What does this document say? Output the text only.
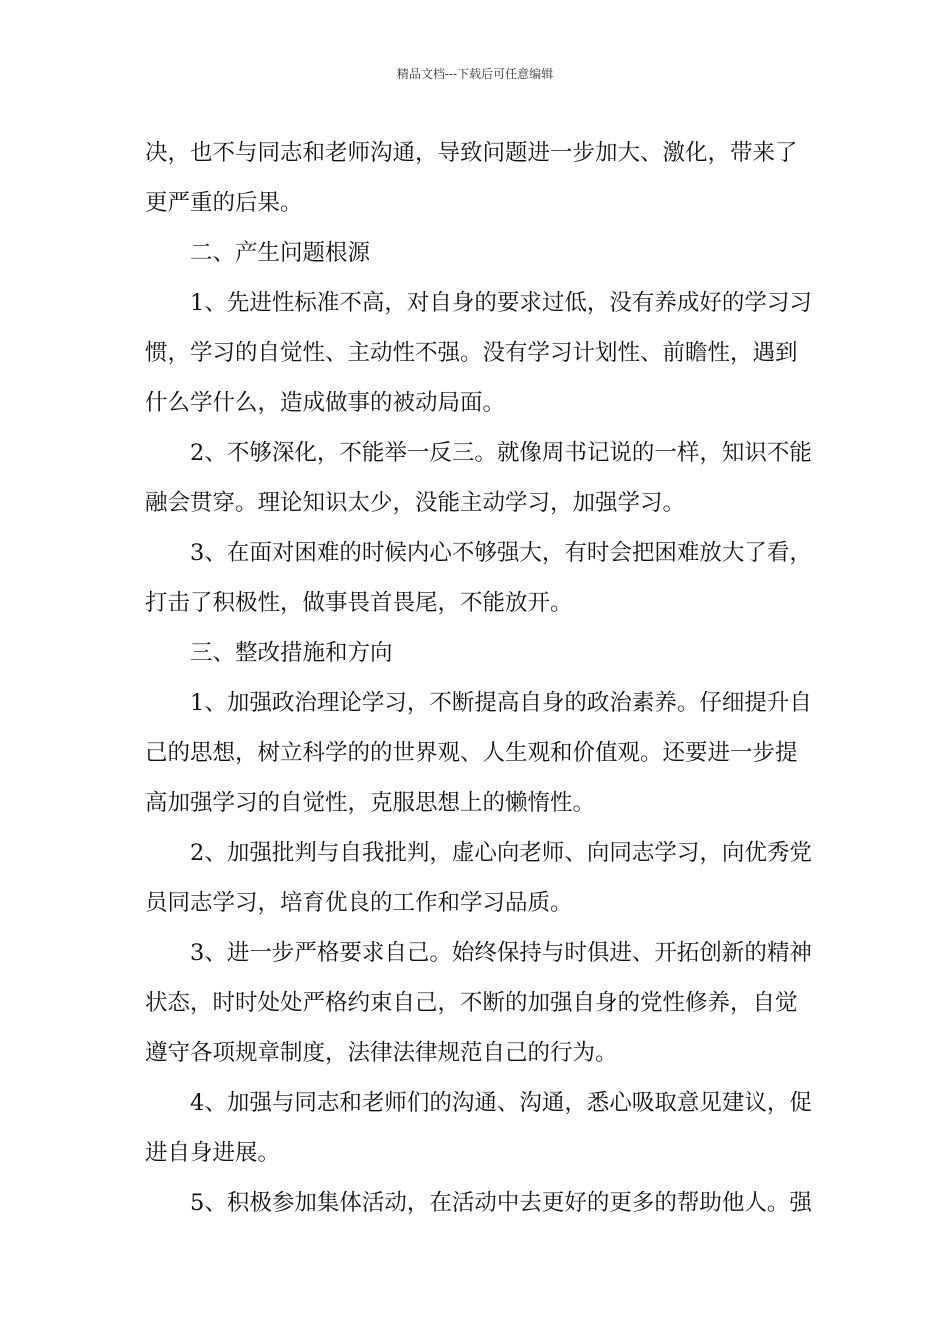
精品文档---下载后可任意编辑
决，也不与同志和老师沟通，导致问题进一步加大、激化，带来了
更严重的后果。
二、产生问题根源
1、先进性标准不高，对自身的要求过低，没有养成好的学习习
惯，学习的自觉性、主动性不强。没有学习计划性、前瞻性，遇到
什么学什么，造成做事的被动局面。
2、不够深化，不能举一反三。就像周书记说的一样，知识不能
融会贯穿。理论知识太少，没能主动学习，加强学习。
3、在面对困难的时候内心不够强大，有时会把困难放大了看，
打击了积极性，做事畏首畏尾，不能放开。
三、整改措施和方向
1、加强政治理论学习，不断提高自身的政治素养。仔细提升自
己的思想，树立科学的的世界观、人生观和价值观。还要进一步提
高加强学习的自觉性，克服思想上的懒惰性。
2、加强批判与自我批判，虚心向老师、向同志学习，向优秀党
员同志学习，培育优良的工作和学习品质。
3、进一步严格要求自己。始终保持与时俱进、开拓创新的精神
状态，时时处处严格约束自己，不断的加强自身的党性修养，自觉
遵守各项规章制度，法律法律规范自己的行为。
4、加强与同志和老师们的沟通、沟通，悉心吸取意见建议，促
进自身进展。
5、积极参加集体活动，在活动中去更好的更多的帮助他人。强
